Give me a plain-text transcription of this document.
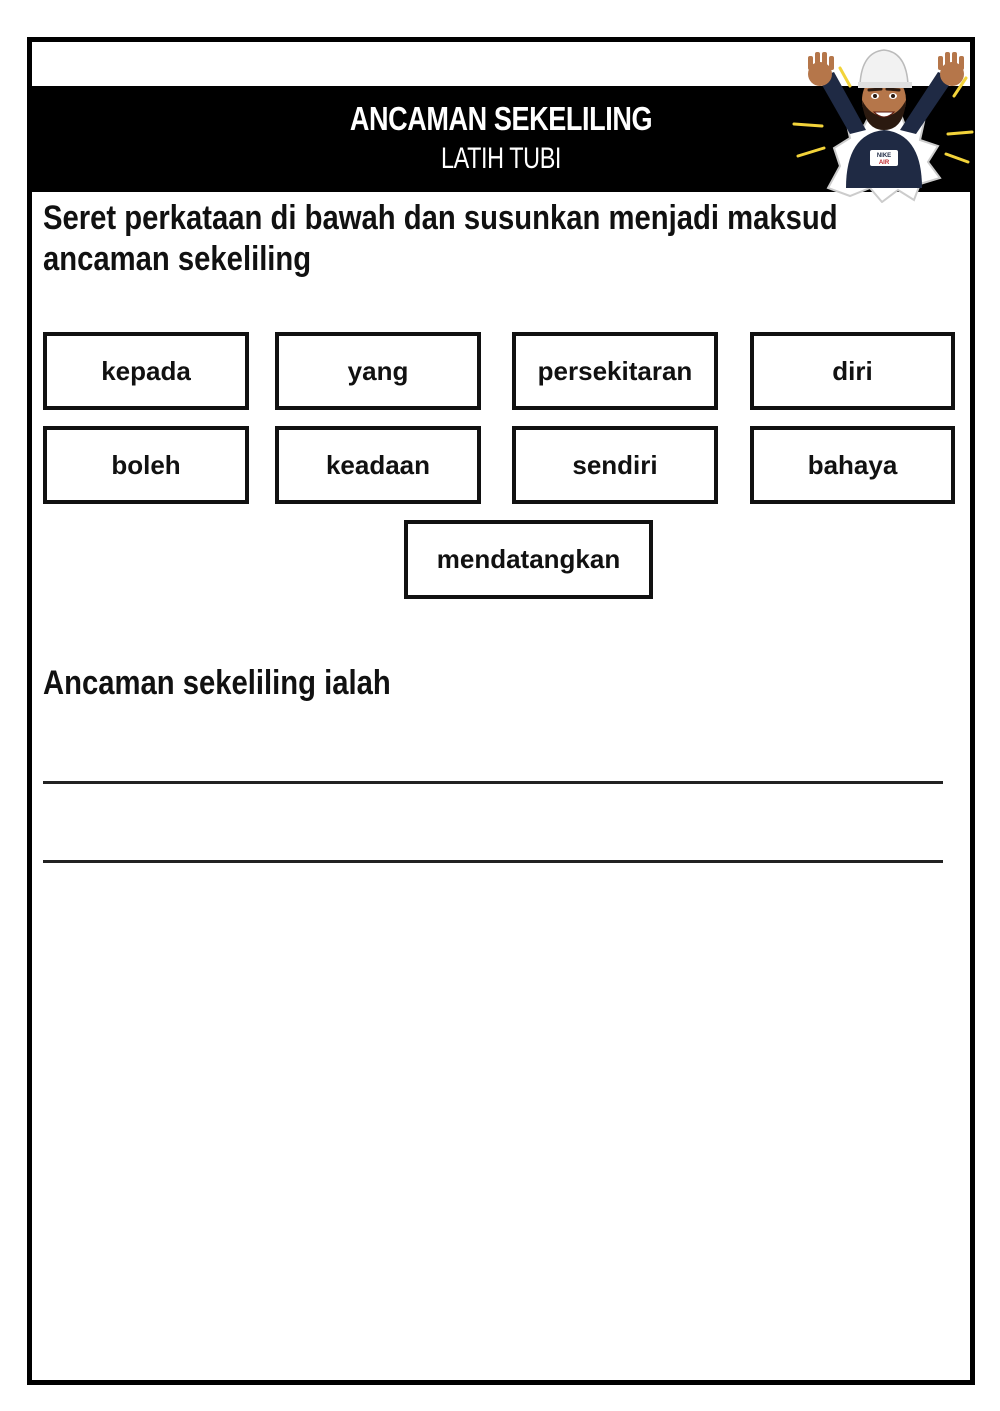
ANCAMAN SEKELILING
LATIH TUBI	NIKE
AIR
Seret perkataan di bawah dan susunkan menjadi maksud
ancaman sekeliling
kepada	yang	persekitaran	diri
boleh	keadaan	sendiri	bahaya
mendatangkan
Ancaman sekeliling ialah
